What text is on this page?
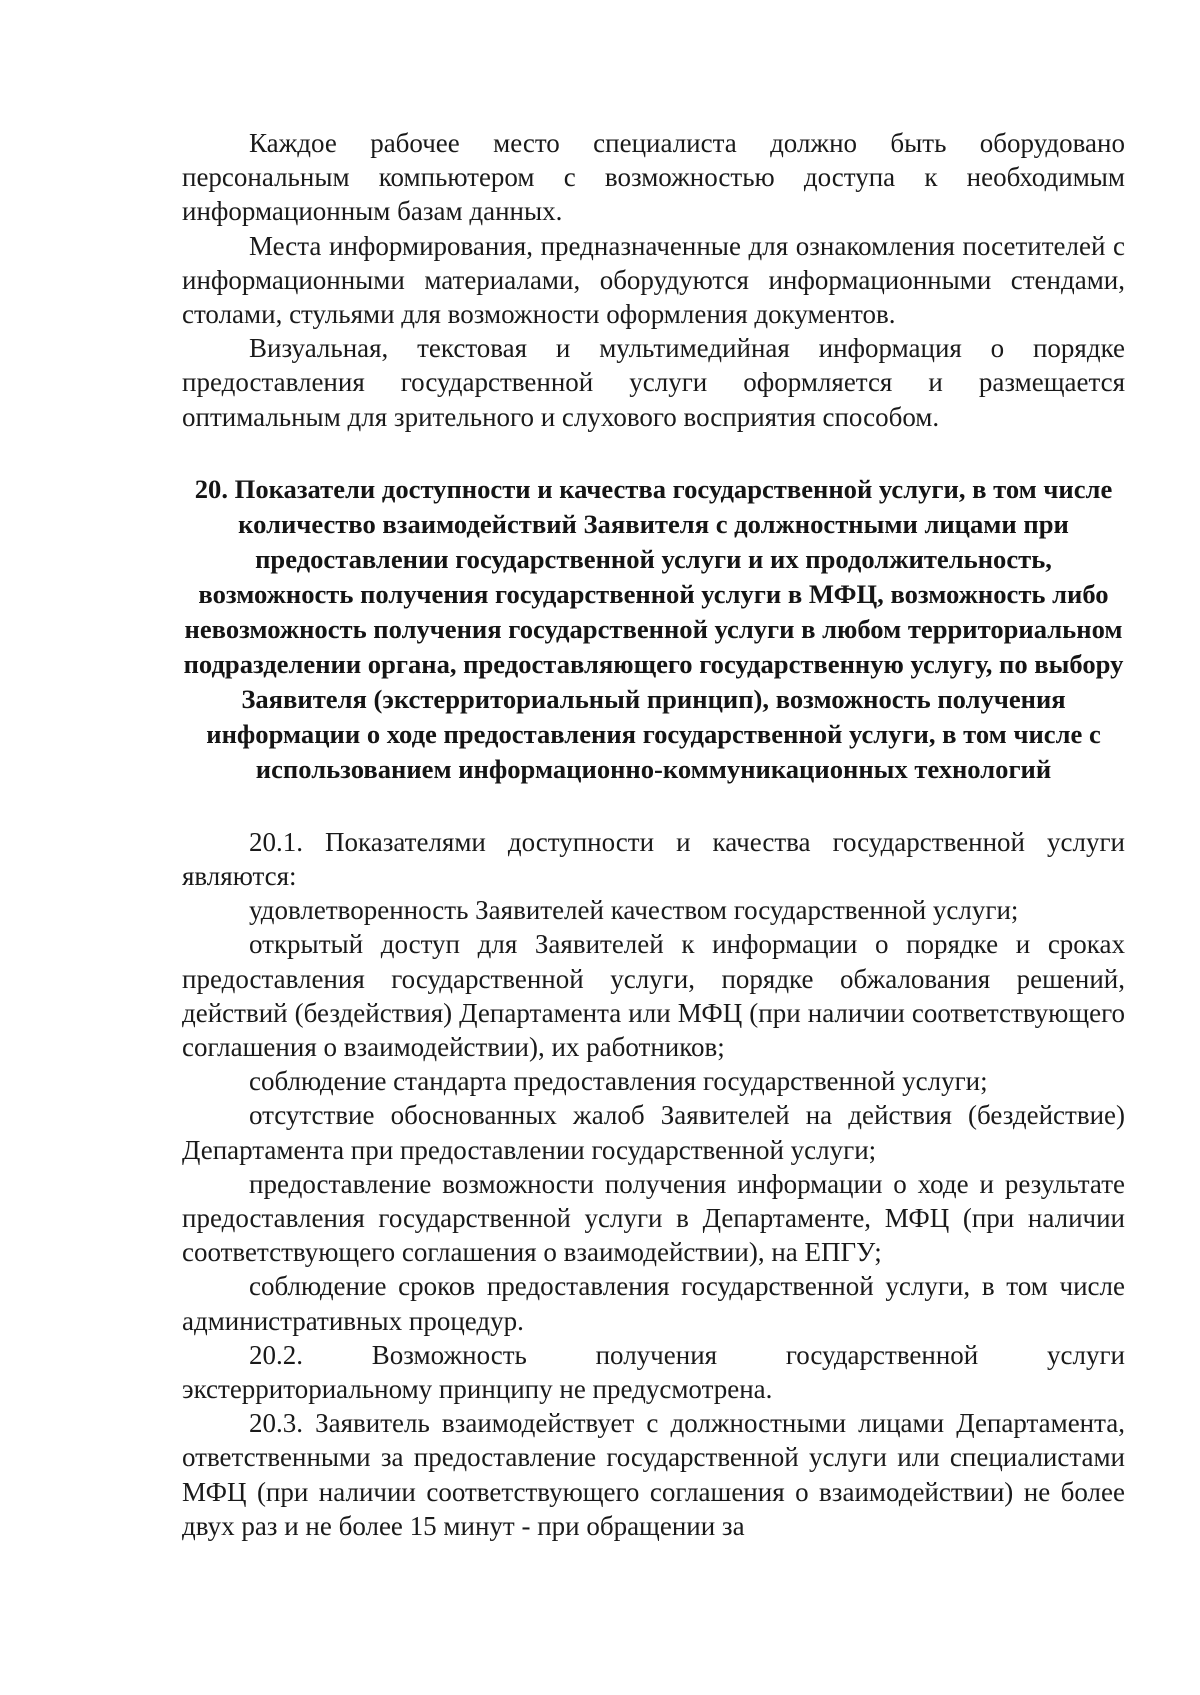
Каждое рабочее место специалиста должно быть оборудовано персональным компьютером с возможностью доступа к необходимым информационным базам данных.

Места информирования, предназначенные для ознакомления посетителей с информационными материалами, оборудуются информационными стендами, столами, стульями для возможности оформления документов.

Визуальная, текстовая и мультимедийная информация о порядке предоставления государственной услуги оформляется и размещается оптимальным для зрительного и слухового восприятия способом.

20. Показатели доступности и качества государственной услуги, в том числе количество взаимодействий Заявителя с должностными лицами при предоставлении государственной услуги и их продолжительность, возможность получения государственной услуги в МФЦ, возможность либо невозможность получения государственной услуги в любом территориальном подразделении органа, предоставляющего государственную услугу, по выбору Заявителя (экстерриториальный принцип), возможность получения информации о ходе предоставления государственной услуги, в том числе с использованием информационно-коммуникационных технологий

20.1. Показателями доступности и качества государственной услуги являются:

удовлетворенность Заявителей качеством государственной услуги;

открытый доступ для Заявителей к информации о порядке и сроках предоставления государственной услуги, порядке обжалования решений, действий (бездействия) Департамента или МФЦ (при наличии соответствующего соглашения о взаимодействии), их работников;

соблюдение стандарта предоставления государственной услуги;

отсутствие обоснованных жалоб Заявителей на действия (бездействие) Департамента при предоставлении государственной услуги;

предоставление возможности получения информации о ходе и результате предоставления государственной услуги в Департаменте, МФЦ (при наличии соответствующего соглашения о взаимодействии), на ЕПГУ;

соблюдение сроков предоставления государственной услуги, в том числе административных процедур.

20.2. Возможность получения государственной услуги экстерриториальному принципу не предусмотрена.

20.3. Заявитель взаимодействует с должностными лицами Департамента, ответственными за предоставление государственной услуги или специалистами МФЦ (при наличии соответствующего соглашения о взаимодействии) не более двух раз и не более 15 минут - при обращении за
